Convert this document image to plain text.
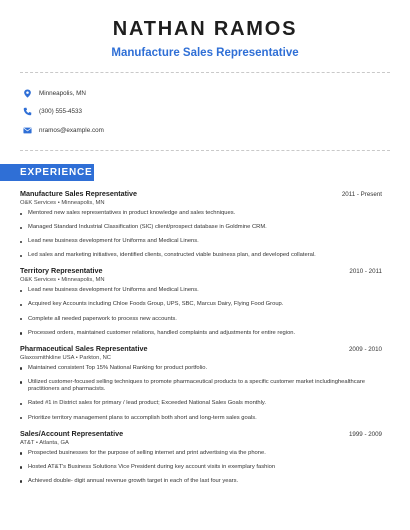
NATHAN RAMOS
Manufacture Sales Representative
Minneapolis, MN
(300) 555-4533
nramos@example.com
EXPERIENCE
Manufacture Sales Representative	2011 - Present
O&K Services • Minneapolis, MN
Mentored new sales representatives in product knowledge and sales techniques.
Managed Standard Industrial Classification (SIC) client/prospect database in Goldmine CRM.
Lead new business development for Uniforms and Medical Linens.
Led sales and marketing initiatives, identified clients, constructed viable business plan, and developed collateral.
Territory Representative	2010 - 2011
O&K Services • Minneapolis, MN
Lead new business development for Uniforms and Medical Linens.
Acquired key Accounts including Chloe Foods Group, UPS, SBC, Marcus Dairy, Flying Food Group.
Complete all needed paperwork to process new accounts.
Processed orders, maintained customer relations, handled complaints and adjustments for entire region.
Pharmaceutical Sales Representative	2009 - 2010
Glaxosmithkline USA • Parkton, NC
Maintained consistent Top 15% National Ranking for product portfolio.
Utilized customer-focused selling techniques to promote pharmaceutical products to a specific customer market includinghealthcare practitioners and pharmacists.
Rated #1 in District sales for primary / lead product; Exceeded National Sales Goals monthly.
Prioritize territory management plans to accomplish both short and long-term sales goals.
Sales/Account Representative	1999 - 2009
AT&T • Atlanta, GA
Prospected businesses for the purpose of selling internet and print advertising via the phone.
Hosted AT&T's Business Solutions Vice President during key account visits in exemplary fashion
Achieved double- digit annual revenue growth target in each of the last four years.
